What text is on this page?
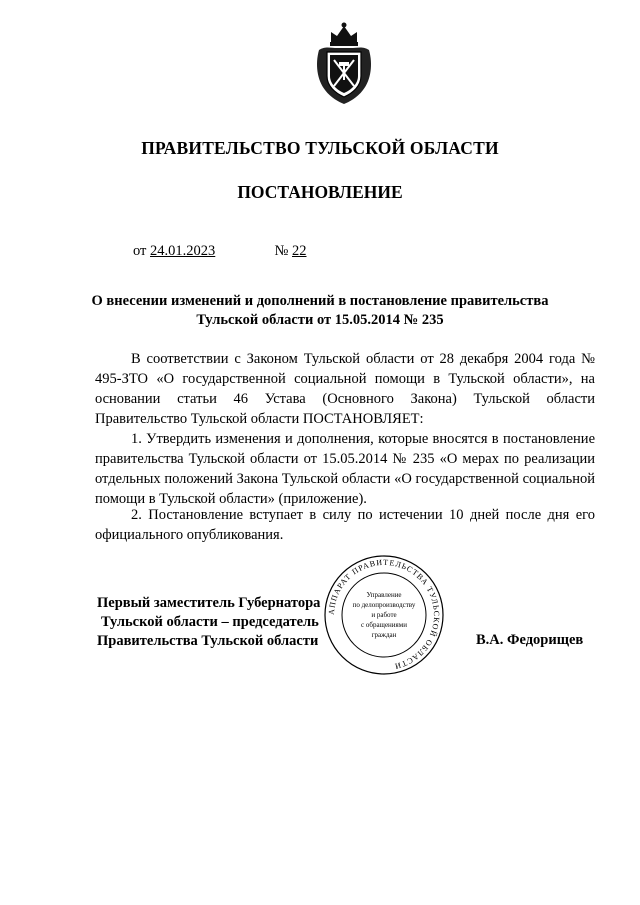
ПРАВИТЕЛЬСТВО ТУЛЬСКОЙ ОБЛАСТИ
ПОСТАНОВЛЕНИЕ
от 24.01.2023	№ 22
О внесении изменений и дополнений в постановление правительства Тульской области от 15.05.2014 № 235
В соответствии с Законом Тульской области от 28 декабря 2004 года № 495-ЗТО «О государственной социальной помощи в Тульской области», на основании статьи 46 Устава (Основного Закона) Тульской области Правительство Тульской области ПОСТАНОВЛЯЕТ:
1. Утвердить изменения и дополнения, которые вносятся в постановление правительства Тульской области от 15.05.2014 № 235 «О мерах по реализации отдельных положений Закона Тульской области «О государственной социальной помощи в Тульской области» (приложение).
2. Постановление вступает в силу по истечении 10 дней после дня его официального опубликования.
Первый заместитель Губернатора
Тульской области – председатель
Правительства Тульской области	В.А. Федорищев
АППАРАТ ПРАВИТЕЛЬСТВА ТУЛЬСКОЙ ОБЛАСТИ
Управление
по делопроизводству
и работе
с обращениями
граждан
